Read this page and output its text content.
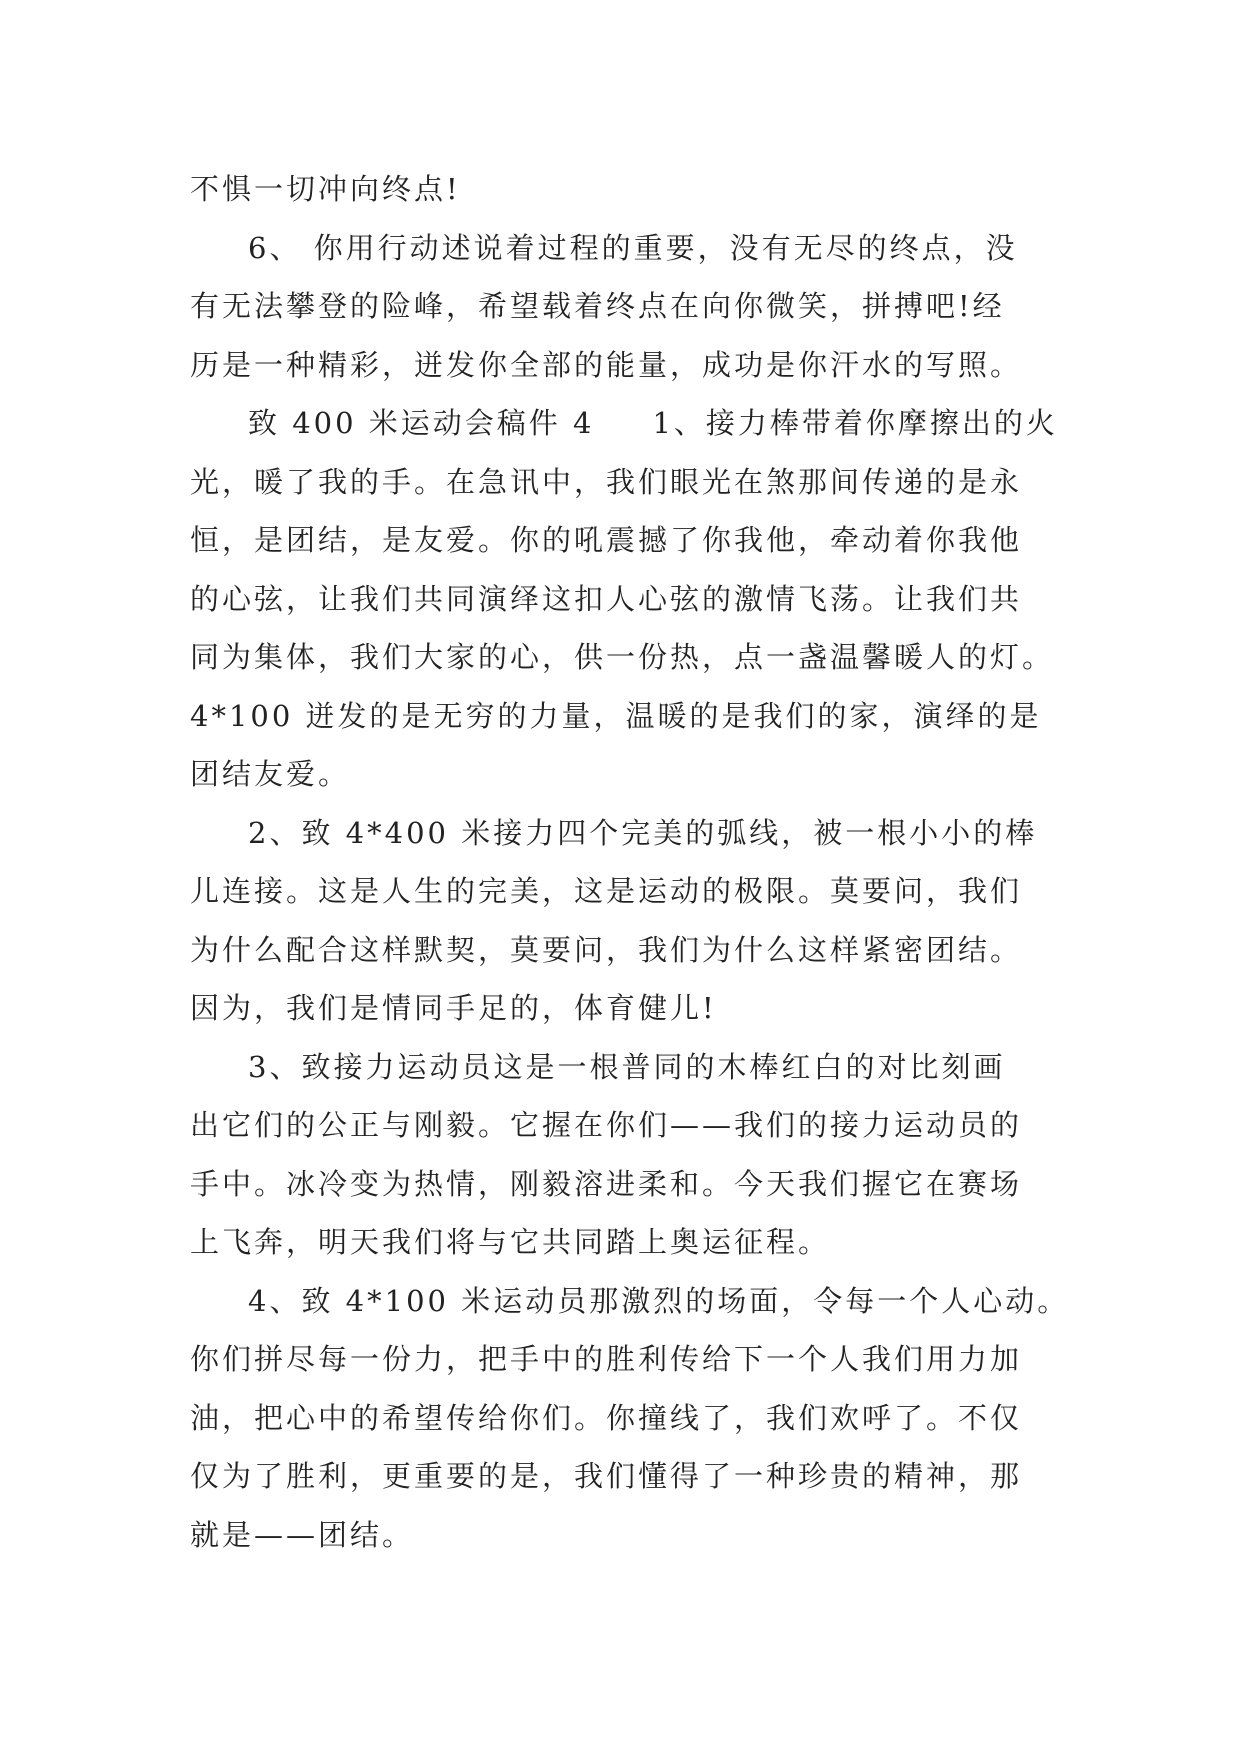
不惧一切冲向终点!
6、 你用行动述说着过程的重要，没有无尽的终点，没
有无法攀登的险峰，希望载着终点在向你微笑，拼搏吧!经
历是一种精彩，迸发你全部的能量，成功是你汗水的写照。
致 400 米运动会稿件 4 1、接力棒带着你摩擦出的火
光，暖了我的手。在急讯中，我们眼光在煞那间传递的是永
恒，是团结，是友爱。你的吼震撼了你我他，牵动着你我他
的心弦，让我们共同演绎这扣人心弦的激情飞荡。让我们共
同为集体，我们大家的心，供一份热，点一盏温馨暖人的灯。
4*100 迸发的是无穷的力量，温暖的是我们的家，演绎的是
团结友爱。
2、致 4*400 米接力四个完美的弧线，被一根小小的棒
儿连接。这是人生的完美，这是运动的极限。莫要问，我们
为什么配合这样默契，莫要问，我们为什么这样紧密团结。
因为，我们是情同手足的，体育健儿!
3、致接力运动员这是一根普同的木棒红白的对比刻画
出它们的公正与刚毅。它握在你们——我们的接力运动员的
手中。冰冷变为热情，刚毅溶进柔和。今天我们握它在赛场
上飞奔，明天我们将与它共同踏上奥运征程。
4、致 4*100 米运动员那激烈的场面，令每一个人心动。
你们拼尽每一份力，把手中的胜利传给下一个人我们用力加
油，把心中的希望传给你们。你撞线了，我们欢呼了。不仅
仅为了胜利，更重要的是，我们懂得了一种珍贵的精神，那
就是——团结。
